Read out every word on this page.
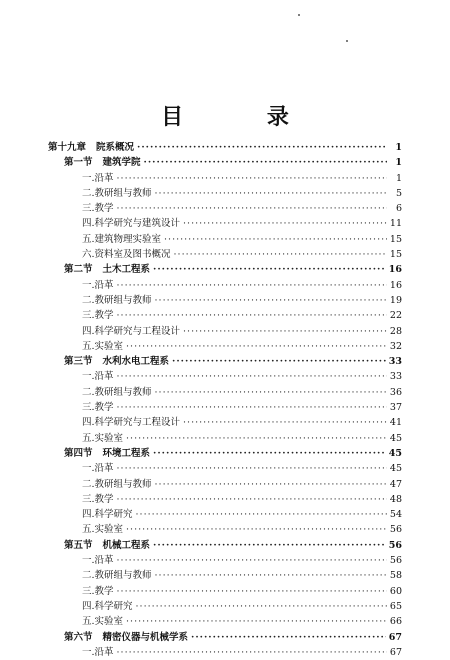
目 录
第十九章 院系概况 ·····	1
第一节 建筑学院 ·····	1
一.沿革 ·····	1
二.教研组与教师 ·····	5
三.教学 ·····	6
四.科学研究与建筑设计 ·····	11
五.建筑物理实验室 ·····	15
六.资料室及图书概况 ·····	15
第二节 土木工程系 ·····	16
一.沿革 ·····	16
二.教研组与教师 ·····	19
三.教学 ·····	22
四.科学研究与工程设计 ·····	28
五.实验室 ·····	32
第三节 水利水电工程系 ·····	33
一.沿革 ·····	33
二.教研组与教师 ·····	36
三.教学 ·····	37
四.科学研究与工程设计 ·····	41
五.实验室 ·····	45
第四节 环境工程系 ·····	45
一.沿革 ·····	45
二.教研组与教师 ·····	47
三.教学 ·····	48
四.科学研究 ·····	54
五.实验室 ·····	56
第五节 机械工程系 ·····	56
一.沿革 ·····	56
二.教研组与教师 ·····	58
三.教学 ·····	60
四.科学研究 ·····	65
五.实验室 ·····	66
第六节 精密仪器与机械学系 ·····	67
一.沿革 ·····	67
